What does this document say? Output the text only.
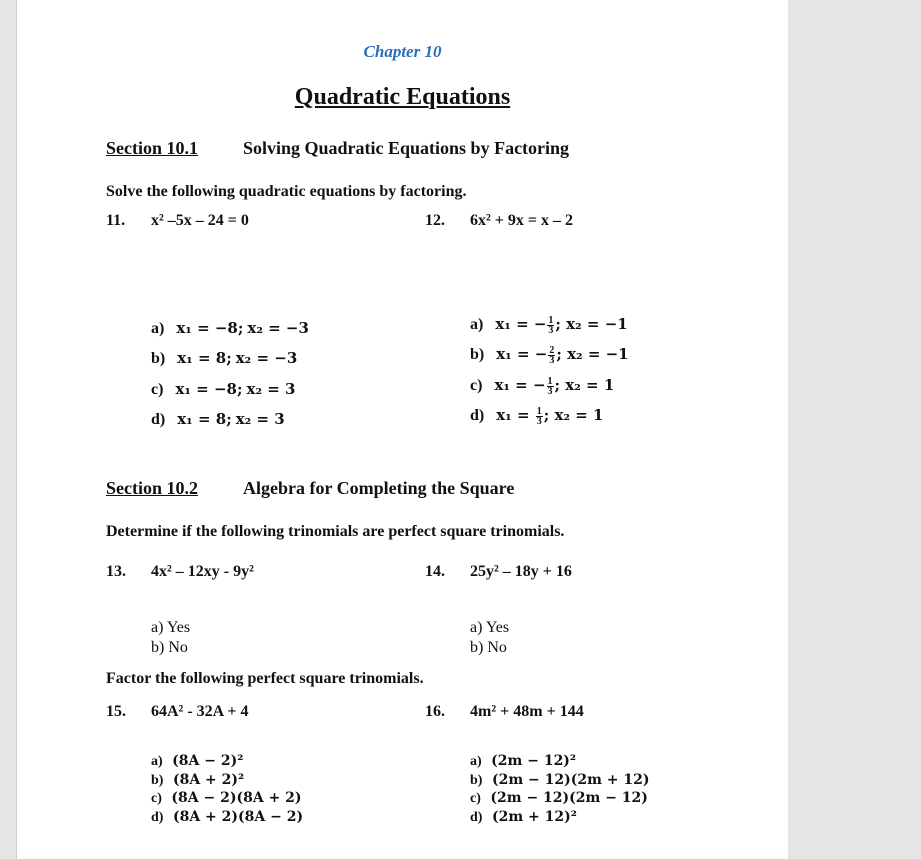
Chapter 10
Quadratic Equations
Section 10.1	Solving Quadratic Equations by Factoring
Solve the following quadratic equations by factoring.
11. x² –5x – 24 = 0	12. 6x² + 9x = x – 2
a) x₁ = −8; x₂ = −3
b) x₁ = 8; x₂ = −3
c) x₁ = −8; x₂ = 3
d) x₁ = 8; x₂ = 3
a) x₁ = − $\frac{1}{3}$ ; x₂ = −1
b) x₁ = − $\frac{2}{3}$ ; x₂ = −1
c) x₁ = − $\frac{1}{3}$ ; x₂ = 1
d) $x_1 = \frac{1}{3}$ ; x₂ = 1
Section 10.2	Algebra for Completing the Square
Determine if the following trinomials are perfect square trinomials.
13. 4x² – 12xy - 9y²	14. 25y² – 18y + 16
a) Yes
b) No
a) Yes
b) No
Factor the following perfect square trinomials.
15. 64A² - 32A + 4	16. 4m² + 48m + 144
a) (8A − 2)²
b) (8A + 2)²
c) (8A − 2)(8A + 2)
d) (8A + 2)(8A − 2)
a) (2m − 12)²
b) (2m − 12)(2m + 12)
c) (2m − 12)(2m − 12)
d) (2m + 12)²
